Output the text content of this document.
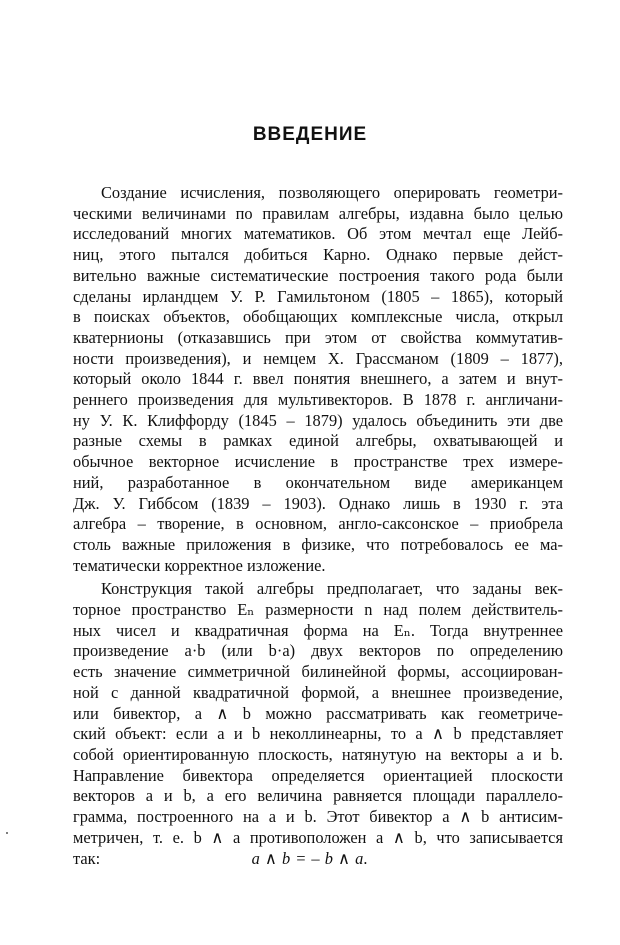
ВВЕДЕНИЕ

Создание исчисления, позволяющего оперировать геометри-
ческими величинами по правилам алгебры, издавна было целью
исследований многих математиков. Об этом мечтал еще Лейб-
ниц, этого пытался добиться Карно. Однако первые дейст-
вительно важные систематические построения такого рода были
сделаны ирландцем У. Р. Гамильтоном (1805 – 1865), который
в поисках объектов, обобщающих комплексные числа, открыл
кватернионы (отказавшись при этом от свойства коммутатив-
ности произведения), и немцем Х. Грассманом (1809 – 1877),
который около 1844 г. ввел понятия внешнего, а затем и внут-
реннего произведения для мультивекторов. В 1878 г. англичани-
ну У. К. Клиффорду (1845 – 1879) удалось объединить эти две
разные схемы в рамках единой алгебры, охватывающей и
обычное векторное исчисление в пространстве трех измере-
ний, разработанное в окончательном виде американцем
Дж. У. Гиббсом (1839 – 1903). Однако лишь в 1930 г. эта
алгебра – творение, в основном, англо-саксонское – приобрела
столь важные приложения в физике, что потребовалось ее ма-
тематически корректное изложение.

Конструкция такой алгебры предполагает, что заданы век-
торное пространство Eₙ размерности n над полем действитель-
ных чисел и квадратичная форма на Eₙ. Тогда внутреннее
произведение a·b (или b·a) двух векторов по определению
есть значение симметричной билинейной формы, ассоциирован-
ной с данной квадратичной формой, а внешнее произведение,
или бивектор, a ∧ b можно рассматривать как геометриче-
ский объект: если a и b неколлинеарны, то a ∧ b представляет
собой ориентированную плоскость, натянутую на векторы a и b.
Направление бивектора определяется ориентацией плоскости
векторов a и b, а его величина равняется площади параллело-
грамма, построенного на a и b. Этот бивектор a ∧ b антисим-
метричен, т. е. b ∧ a противоположен a ∧ b, что записывается
так:	a ∧ b = – b ∧ a.
